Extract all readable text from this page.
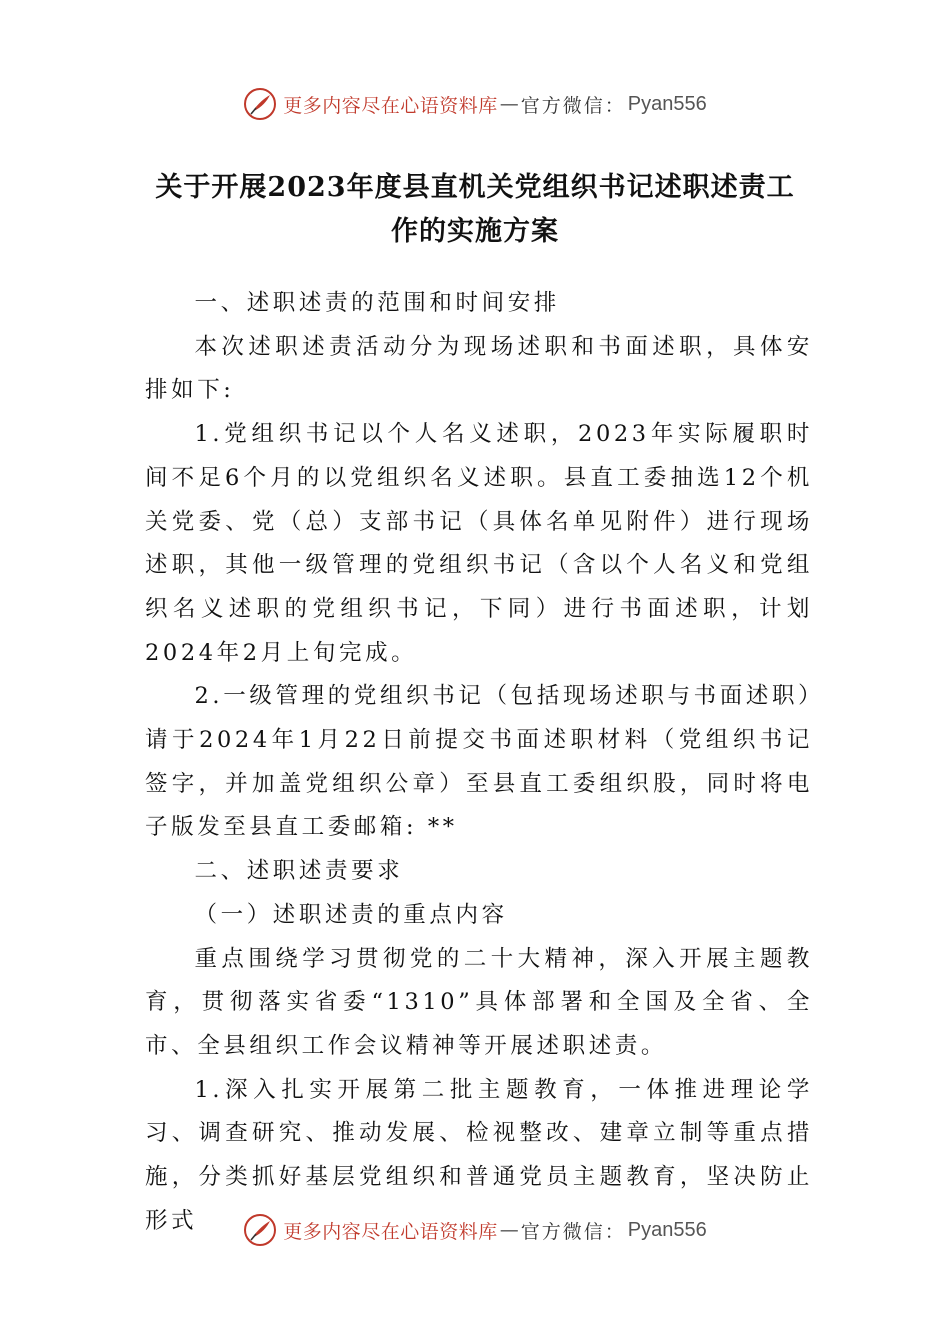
更多内容尽在心语资料库 — 官方微信： Pyan556
关于开展2023年度县直机关党组织书记述职述责工作的实施方案

一、述职述责的范围和时间安排

本次述职述责活动分为现场述职和书面述职，具体安排如下:

1.党组织书记以个人名义述职，2023年实际履职时间不足6个月的以党组织名义述职。县直工委抽选12个机关党委、党（总）支部书记（具体名单见附件）进行现场述职，其他一级管理的党组织书记（含以个人名义和党组织名义述职的党组织书记，下同）进行书面述职，计划2024年2月上旬完成。

2.一级管理的党组织书记（包括现场述职与书面述职）请于2024年1月22日前提交书面述职材料（党组织书记签字，并加盖党组织公章）至县直工委组织股，同时将电子版发至县直工委邮箱: **

二、述职述责要求

（一）述职述责的重点内容

重点围绕学习贯彻党的二十大精神，深入开展主题教育，贯彻落实省委“1310”具体部署和全国及全省、全市、全县组织工作会议精神等开展述职述责。

1.深入扎实开展第二批主题教育，一体推进理论学习、调查研究、推动发展、检视整改、建章立制等重点措施，分类抓好基层党组织和普通党员主题教育，坚决防止形式	更多内容尽在心语资料库 — 官方微信： Pyan556
